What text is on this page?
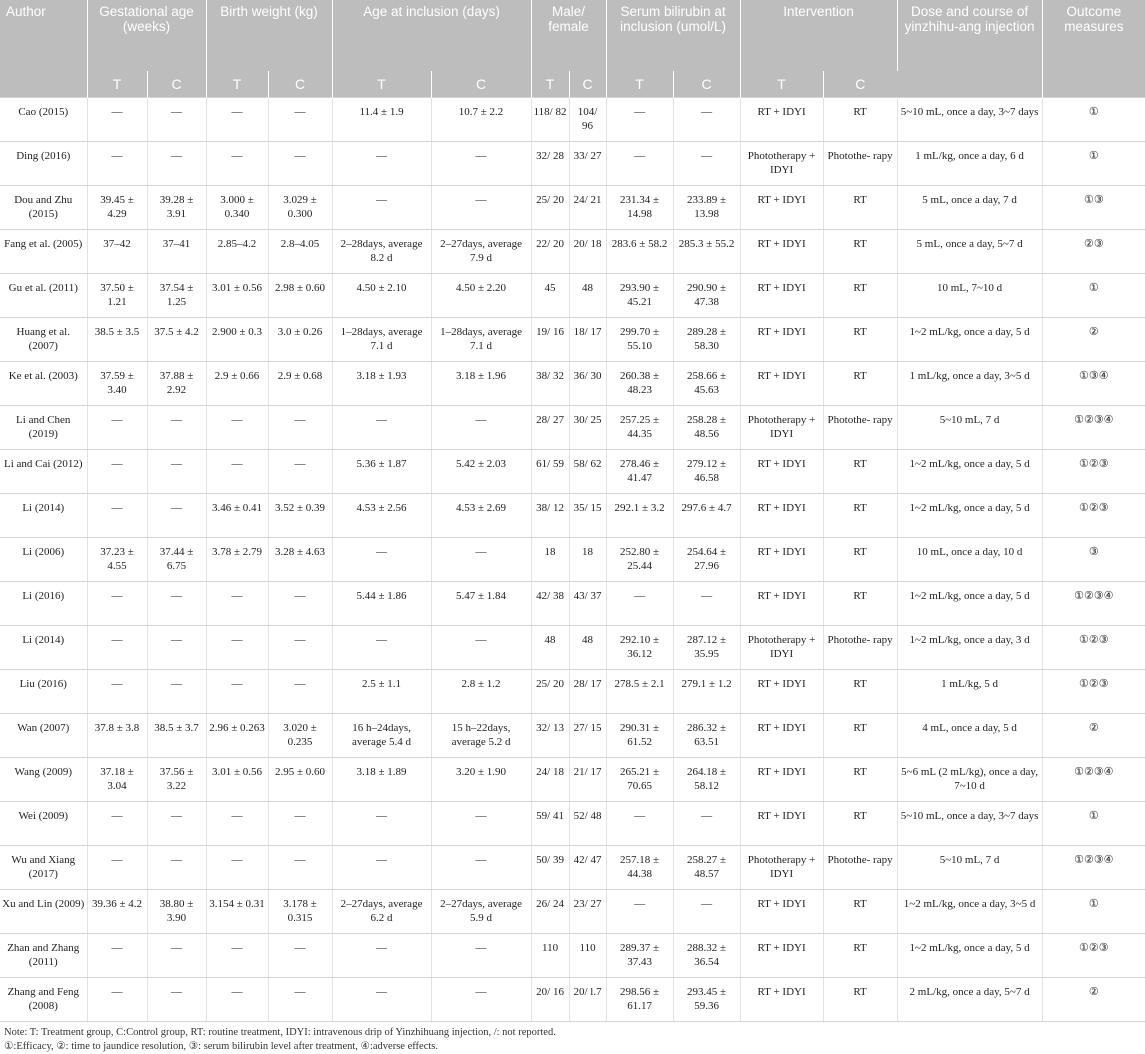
Author	Gestational age (weeks)		Birth weight (kg)		Age at inclusion (days)		Male/ female		Serum bilirubin at inclusion (umol/L)		Intervention		Dose and course of yinzhihu-ang injection	Outcome measures
	T	C	T	C	T	C	T	C	T	C	T	C		
Cao (2015)	—	—	—	—	11.4 ± 1.9	10.7 ± 2.2	118/ 82	104/ 96	—	—	RT + IDYI	RT	5~10 mL, once a day, 3~7 days	①
Ding (2016)	—	—	—	—	—	—	32/ 28	33/ 27	—	—	Phototherapy + IDYI	Photothe- rapy	1 mL/kg, once a day, 6 d	①
Dou and Zhu (2015)	39.45 ± 4.29	39.28 ± 3.91	3.000 ± 0.340	3.029 ± 0.300	—	—	25/ 20	24/ 21	231.34 ± 14.98	233.89 ± 13.98	RT + IDYI	RT	5 mL, once a day, 7 d	①③
Fang et al. (2005)	37–42	37–41	2.85–4.2	2.8–4.05	2–28days, average 8.2 d	2–27days, average 7.9 d	22/ 20	20/ 18	283.6 ± 58.2	285.3 ± 55.2	RT + IDYI	RT	5 mL, once a day, 5~7 d	②③
Gu et al. (2011)	37.50 ± 1.21	37.54 ± 1.25	3.01 ± 0.56	2.98 ± 0.60	4.50 ± 2.10	4.50 ± 2.20	45	48	293.90 ± 45.21	290.90 ± 47.38	RT + IDYI	RT	10 mL, 7~10 d	①
Huang et al. (2007)	38.5 ± 3.5	37.5 ± 4.2	2.900 ± 0.3	3.0 ± 0.26	1–28days, average 7.1 d	1–28days, average 7.1 d	19/ 16	18/ 17	299.70 ± 55.10	289.28 ± 58.30	RT + IDYI	RT	1~2 mL/kg, once a day, 5 d	②
Ke et al. (2003)	37.59 ± 3.40	37.88 ± 2.92	2.9 ± 0.66	2.9 ± 0.68	3.18 ± 1.93	3.18 ± 1.96	38/ 32	36/ 30	260.38 ± 48.23	258.66 ± 45.63	RT + IDYI	RT	1 mL/kg, once a day, 3~5 d	①③④
Li and Chen (2019)	—	—	—	—	—	—	28/ 27	30/ 25	257.25 ± 44.35	258.28 ± 48.56	Phototherapy + IDYI	Photothe- rapy	5~10 mL, 7 d	①②③④
Li and Cai (2012)	—	—	—	—	5.36 ± 1.87	5.42 ± 2.03	61/ 59	58/ 62	278.46 ± 41.47	279.12 ± 46.58	RT + IDYI	RT	1~2 mL/kg, once a day, 5 d	①②③
Li (2014)	—	—	3.46 ± 0.41	3.52 ± 0.39	4.53 ± 2.56	4.53 ± 2.69	38/ 12	35/ 15	292.1 ± 3.2	297.6 ± 4.7	RT + IDYI	RT	1~2 mL/kg, once a day, 5 d	①②③
Li (2006)	37.23 ± 4.55	37.44 ± 6.75	3.78 ± 2.79	3.28 ± 4.63	—	—	18	18	252.80 ± 25.44	254.64 ± 27.96	RT + IDYI	RT	10 mL, once a day, 10 d	③
Li (2016)	—	—	—	—	5.44 ± 1.86	5.47 ± 1.84	42/ 38	43/ 37	—	—	RT + IDYI	RT	1~2 mL/kg, once a day, 5 d	①②③④
Li (2014)	—	—	—	—	—	—	48	48	292.10 ± 36.12	287.12 ± 35.95	Phototherapy + IDYI	Photothe- rapy	1~2 mL/kg, once a day, 3 d	①②③
Liu (2016)	—	—	—	—	2.5 ± 1.1	2.8 ± 1.2	25/ 20	28/ 17	278.5 ± 2.1	279.1 ± 1.2	RT + IDYI	RT	1 mL/kg, 5 d	①②③
Wan (2007)	37.8 ± 3.8	38.5 ± 3.7	2.96 ± 0.263	3.020 ± 0.235	16 h–24days, average 5.4 d	15 h–22days, average 5.2 d	32/ 13	27/ 15	290.31 ± 61.52	286.32 ± 63.51	RT + IDYI	RT	4 mL, once a day, 5 d	②
Wang (2009)	37.18 ± 3.04	37.56 ± 3.22	3.01 ± 0.56	2.95 ± 0.60	3.18 ± 1.89	3.20 ± 1.90	24/ 18	21/ 17	265.21 ± 70.65	264.18 ± 58.12	RT + IDYI	RT	5~6 mL (2 mL/kg), once a day, 7~10 d	①②③④
Wei (2009)	—	—	—	—	—	—	59/ 41	52/ 48	—	—	RT + IDYI	RT	5~10 mL, once a day, 3~7 days	①
Wu and Xiang (2017)	—	—	—	—	—	—	50/ 39	42/ 47	257.18 ± 44.38	258.27 ± 48.57	Phototherapy + IDYI	Photothe- rapy	5~10 mL, 7 d	①②③④
Xu and Lin (2009)	39.36 ± 4.2	38.80 ± 3.90	3.154 ± 0.31	3.178 ± 0.315	2–27days, average 6.2 d	2–27days, average 5.9 d	26/ 24	23/ 27	—	—	RT + IDYI	RT	1~2 mL/kg, once a day, 3~5 d	①
Zhan and Zhang (2011)	—	—	—	—	—	—	110	110	289.37 ± 37.43	288.32 ± 36.54	RT + IDYI	RT	1~2 mL/kg, once a day, 5 d	①②③
Zhang and Feng (2008)	—	—	—	—	—	—	20/ 16	20/ l.7	298.56 ± 61.17	293.45 ± 59.36	RT + IDYI	RT	2 mL/kg, once a day, 5~7 d	②
Note: T: Treatment group, C:Control group, RT: routine treatment, IDYI: intravenous drip of Yinzhihuang injection, /: not reported.
①:Efficacy, ②: time to jaundice resolution, ③: serum bilirubin level after treatment, ④:adverse effects.
